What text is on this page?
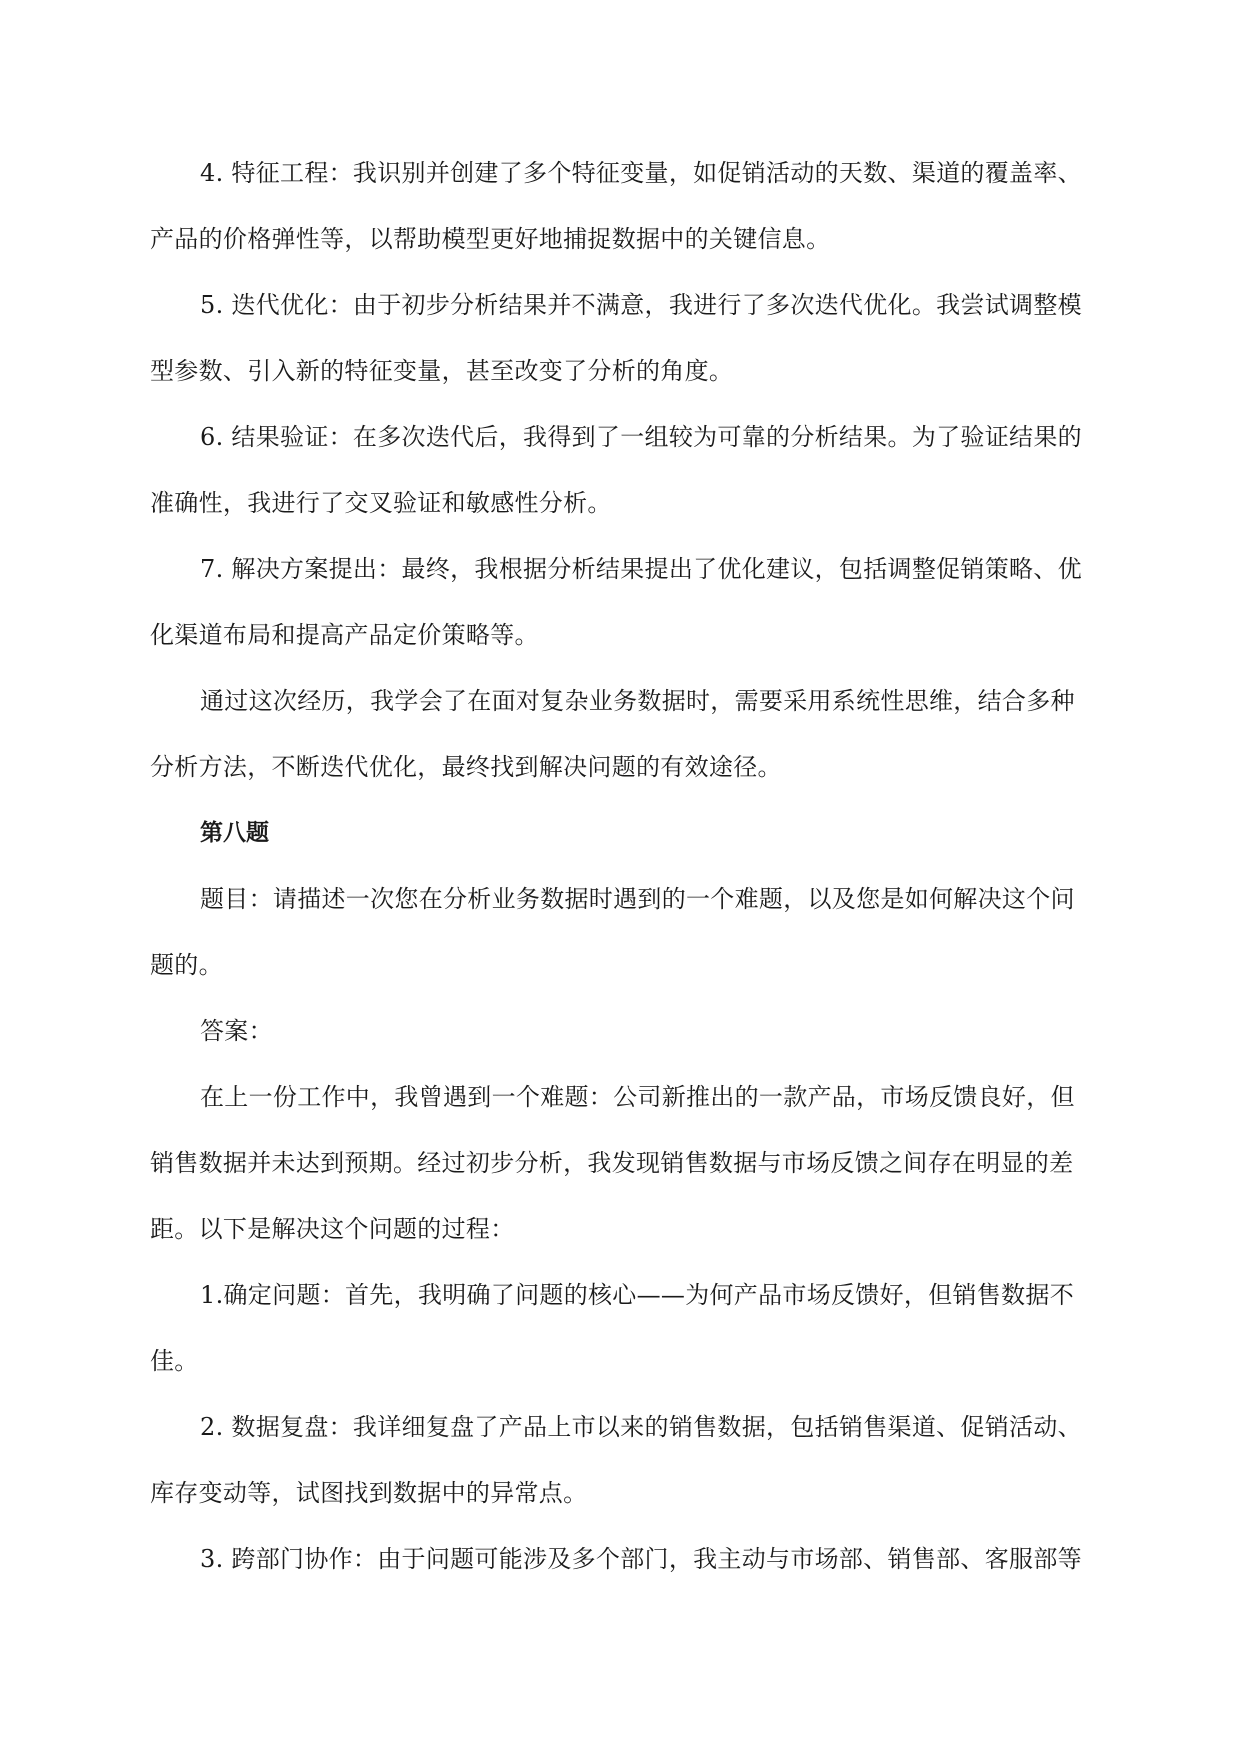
4. 特征工程：我识别并创建了多个特征变量，如促销活动的天数、渠道的覆盖率、产品的价格弹性等，以帮助模型更好地捕捉数据中的关键信息。

5. 迭代优化：由于初步分析结果并不满意，我进行了多次迭代优化。我尝试调整模型参数、引入新的特征变量，甚至改变了分析的角度。

6. 结果验证：在多次迭代后，我得到了一组较为可靠的分析结果。为了验证结果的准确性，我进行了交叉验证和敏感性分析。

7. 解决方案提出：最终，我根据分析结果提出了优化建议，包括调整促销策略、优化渠道布局和提高产品定价策略等。

通过这次经历，我学会了在面对复杂业务数据时，需要采用系统性思维，结合多种分析方法，不断迭代优化，最终找到解决问题的有效途径。

第八题

题目：请描述一次您在分析业务数据时遇到的一个难题，以及您是如何解决这个问题的。

答案：

在上一份工作中，我曾遇到一个难题：公司新推出的一款产品，市场反馈良好，但销售数据并未达到预期。经过初步分析，我发现销售数据与市场反馈之间存在明显的差距。以下是解决这个问题的过程：

1.确定问题：首先，我明确了问题的核心——为何产品市场反馈好，但销售数据不佳。

2. 数据复盘：我详细复盘了产品上市以来的销售数据，包括销售渠道、促销活动、库存变动等，试图找到数据中的异常点。

3. 跨部门协作：由于问题可能涉及多个部门，我主动与市场部、销售部、客服部等
